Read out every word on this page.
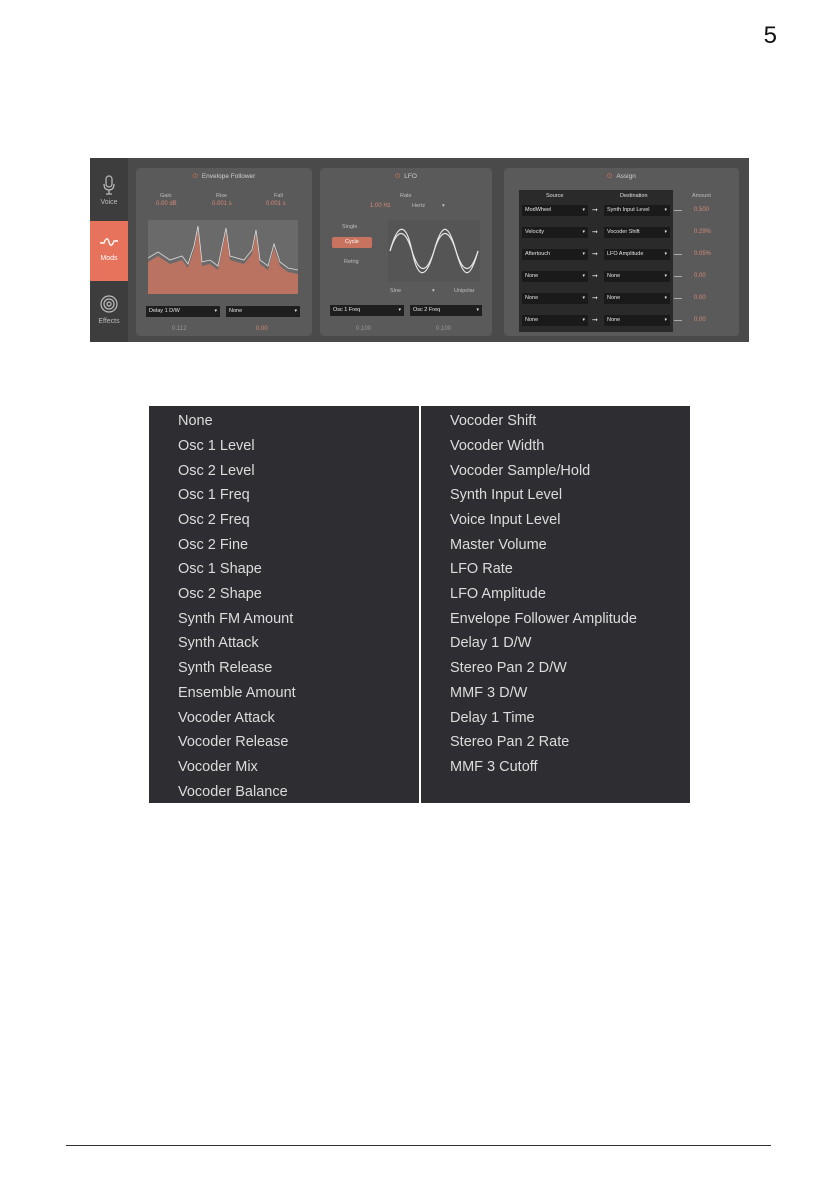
5
Voice
Mods
Effects
⏻ Envelope Follower
Gain
0.00 dB
Rise
0.001 s
Fall
0.001 s
Delay 1 D/W	▾	None	▾
0.112	0.00
⏻ LFO
Rate
1.00 Hz	Hertz	▾
Single
Cycle
Retrig
Sine	▾	Unipolar
Osc 1 Freq	▾	Osc 2 Freq	▾
0.100	0.100
⏻ Assign
Source	Destination	Amount
ModWheel	▾ ➞	Synth Input Level	▾	0.500
Velocity	▾ ➞	Vocoder Shift	▾	0.29%
Aftertouch	▾ ➞	LFO Amplitude	▾	0.05%
None	▾ ➞	None	▾	0.00
None	▾ ➞	None	▾	0.00
None	▾ ➞	None	▾	0.00
None
Osc 1 Level
Osc 2 Level
Osc 1 Freq
Osc 2 Freq
Osc 2 Fine
Osc 1 Shape
Osc 2 Shape
Synth FM Amount
Synth Attack
Synth Release
Ensemble Amount
Vocoder Attack
Vocoder Release
Vocoder Mix
Vocoder Balance
Vocoder Shift
Vocoder Width
Vocoder Sample/Hold
Synth Input Level
Voice Input Level
Master Volume
LFO Rate
LFO Amplitude
Envelope Follower Amplitude
Delay 1 D/W
Stereo Pan 2 D/W
MMF 3 D/W
Delay 1 Time
Stereo Pan 2 Rate
MMF 3 Cutoff
